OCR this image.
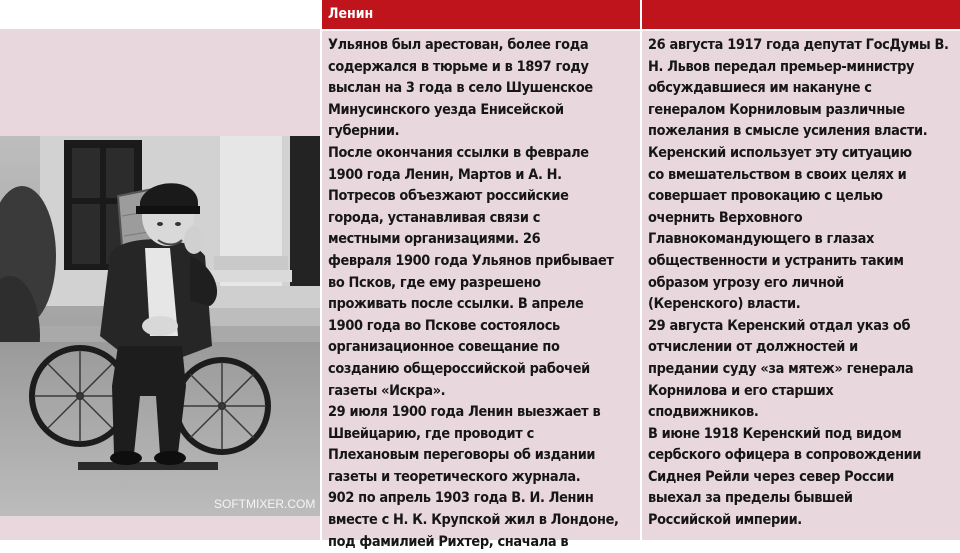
SOFTMIXER.COM
Ленин

Ульянов был арестован, более года
содержался в тюрьме и в 1897 году
выслан на 3 года в село Шушенское
Минусинского уезда Енисейской
губернии.

После окончания ссылки в феврале
1900 года Ленин, Мартов и А. Н.
Потресов объезжают российские
города, устанавливая связи с
местными организациями. 26
февраля 1900 года Ульянов прибывает
во Псков, где ему разрешено
проживать после ссылки. В апреле
1900 года во Пскове состоялось
организационное совещание по
созданию общероссийской рабочей
газеты «Искра».

29 июля 1900 года Ленин выезжает в
Швейцарию, где проводит с
Плехановым переговоры об издании
газеты и теоретического журнала.
902 по апрель 1903 года В. И. Ленин
вместе с Н. К. Крупской жил в Лондоне,
под фамилией Рихтер, сначала в

26 августа 1917 года депутат ГосДумы В.
Н. Львов передал премьер-министру
обсуждавшиеся им накануне с
генералом Корниловым различные
пожелания в смысле усиления власти.
Керенский использует эту ситуацию
со вмешательством в своих целях и
совершает провокацию с целью
очернить Верховного
Главнокомандующего в глазах
общественности и устранить таким
образом угрозу его личной
(Керенского) власти.

29 августа Керенский отдал указ об
отчислении от должностей и
предании суду «за мятеж» генерала
Корнилова и его старших
сподвижников.

В июне 1918 Керенский под видом
сербского офицера в сопровождении
Сиднея Рейли через север России
выехал за пределы бывшей
Российской империи.
